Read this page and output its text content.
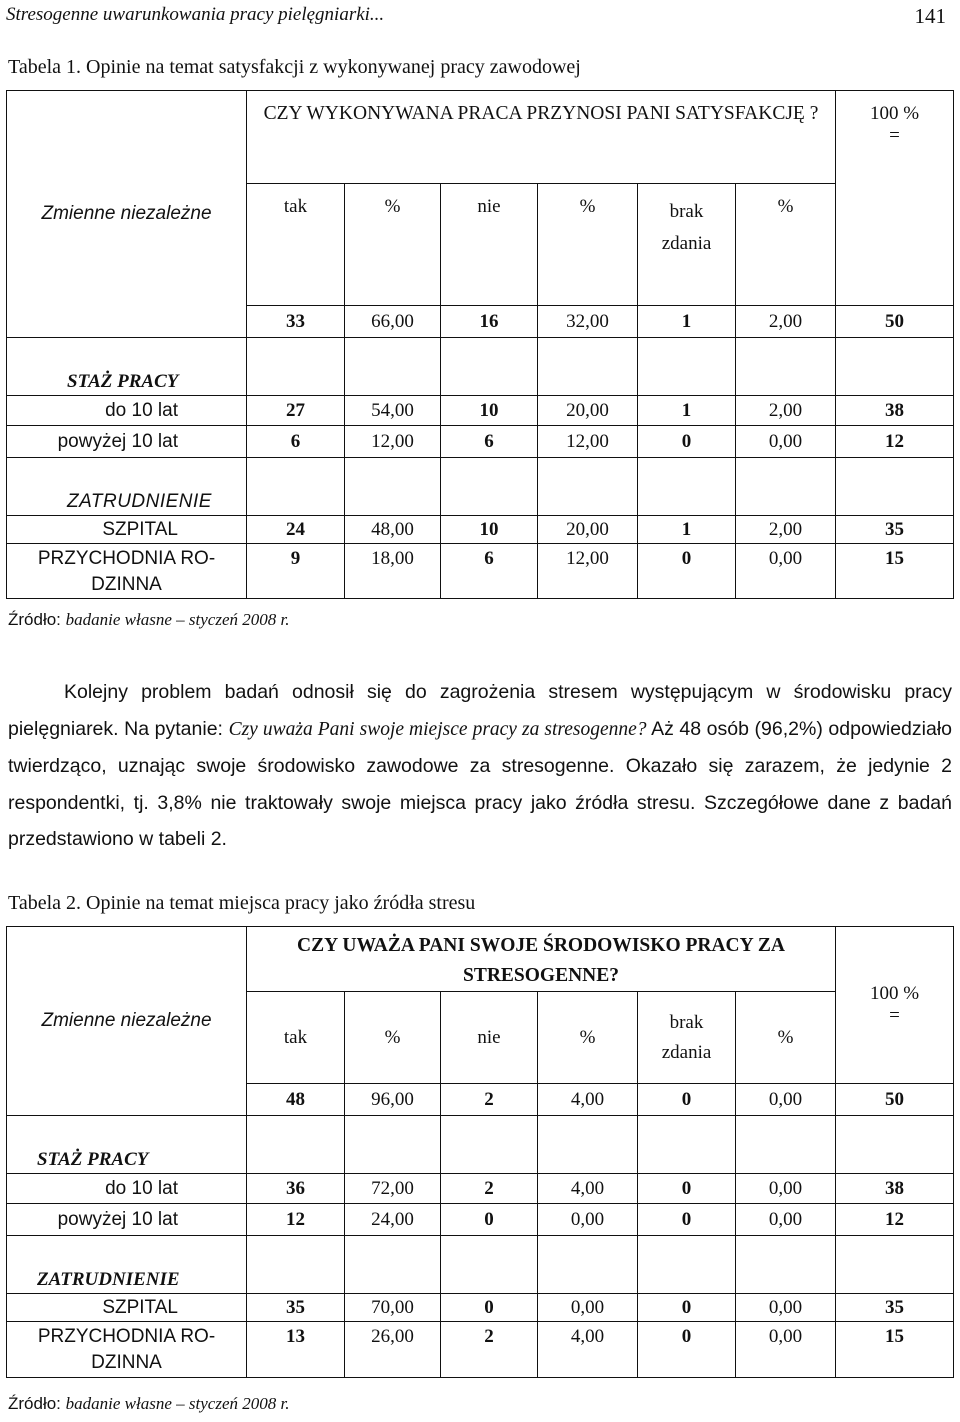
Stresogenne uwarunkowania pracy pielęgniarki...	141
Tabela 1. Opinie na temat satysfakcji z wykonywanej pracy zawodowej
Zmienne niezależne	CZY WYKONYWANA PRACA PRZYNOSI PANI SATYSFAKCJĘ ?						100 %
=

	tak	%	nie	%	brak
zdania	%	
	33	66,00	16	32,00	1	2,00	50
STAŻ PRACY							
do 10 lat	27	54,00	10	20,00	1	2,00	38
powyżej 10 lat	6	12,00	6	12,00	0	0,00	12
ZATRUDNIENIE							
SZPITAL	24	48,00	10	20,00	1	2,00	35
PRZYCHODNIA RO-DZINNA	9	18,00	6	12,00	0	0,00	15
Źródło: badanie własne – styczeń 2008 r.

Kolejny problem badań odnosił się do zagrożenia stresem występującym w środowisku pracy pielęgniarek. Na pytanie: Czy uważa Pani swoje miejsce pracy za stresogenne? Aż 48 osób (96,2%) odpowiedziało twierdząco, uznając swoje środowisko zawodowe za stresogenne. Okazało się zarazem, że jedynie 2 respondentki, tj. 3,8% nie traktowały swoje miejsca pracy jako źródła stresu. Szczegółowe dane z badań przedstawiono w tabeli 2.

Tabela 2. Opinie na temat miejsca pracy jako źródła stresu
Zmienne niezależne	CZY UWAŻA PANI SWOJE ŚRODOWISKO PRACY ZA STRESOGENNE?						100 %
=

	tak	%	nie	%	brak
zdania	%	
	48	96,00	2	4,00	0	0,00	50
STAŻ PRACY							
do 10 lat	36	72,00	2	4,00	0	0,00	38
powyżej 10 lat	12	24,00	0	0,00	0	0,00	12
ZATRUDNIENIE							
SZPITAL	35	70,00	0	0,00	0	0,00	35
PRZYCHODNIA RO-DZINNA	13	26,00	2	4,00	0	0,00	15
Źródło: badanie własne – styczeń 2008 r.
